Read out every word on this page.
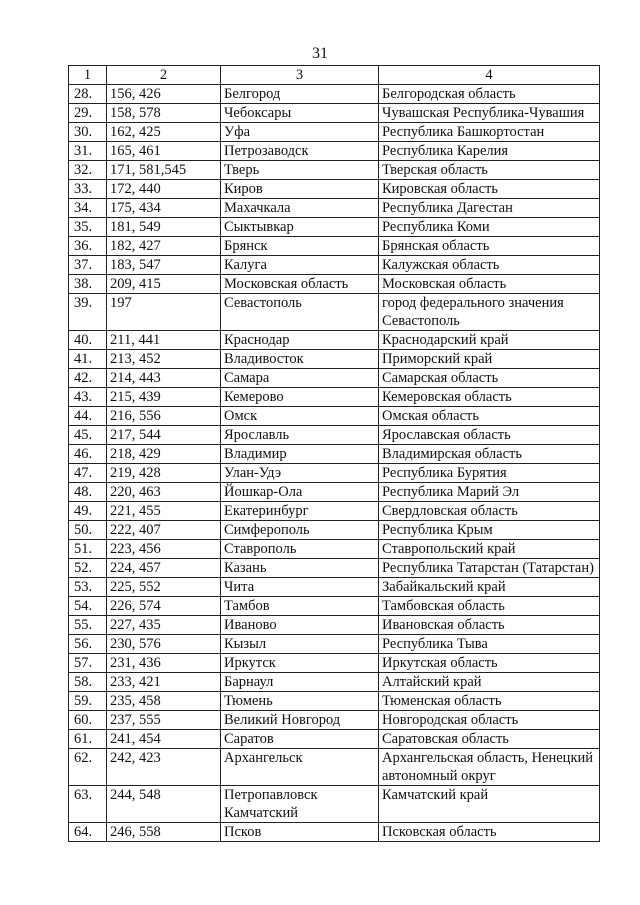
31
1	2	3	4
28.	156, 426	Белгород	Белгородская область
29.	158, 578	Чебоксары	Чувашская Республика-Чувашия
30.	162, 425	Уфа	Республика Башкортостан
31.	165, 461	Петрозаводск	Республика Карелия
32.	171, 581,545	Тверь	Тверская область
33.	172, 440	Киров	Кировская область
34.	175, 434	Махачкала	Республика Дагестан
35.	181, 549	Сыктывкар	Республика Коми
36.	182, 427	Брянск	Брянская область
37.	183, 547	Калуга	Калужская область
38.	209, 415	Московская область	Московская область
39.	197	Севастополь	город федерального значения Севастополь
40.	211, 441	Краснодар	Краснодарский край
41.	213, 452	Владивосток	Приморский край
42.	214, 443	Самара	Самарская область
43.	215, 439	Кемерово	Кемеровская область
44.	216, 556	Омск	Омская область
45.	217, 544	Ярославль	Ярославская область
46.	218, 429	Владимир	Владимирская область
47.	219, 428	Улан-Удэ	Республика Бурятия
48.	220, 463	Йошкар-Ола	Республика Марий Эл
49.	221, 455	Екатеринбург	Свердловская область
50.	222, 407	Симферополь	Республика Крым
51.	223, 456	Ставрополь	Ставропольский край
52.	224, 457	Казань	Республика Татарстан (Татарстан)
53.	225, 552	Чита	Забайкальский край
54.	226, 574	Тамбов	Тамбовская область
55.	227, 435	Иваново	Ивановская область
56.	230, 576	Кызыл	Республика Тыва
57.	231, 436	Иркутск	Иркутская область
58.	233, 421	Барнаул	Алтайский край
59.	235, 458	Тюмень	Тюменская область
60.	237, 555	Великий Новгород	Новгородская область
61.	241, 454	Саратов	Саратовская область
62.	242, 423	Архангельск	Архангельская область, Ненецкий автономный округ
63.	244, 548	Петропавловск Камчатский	Камчатский край
64.	246, 558	Псков	Псковская область
